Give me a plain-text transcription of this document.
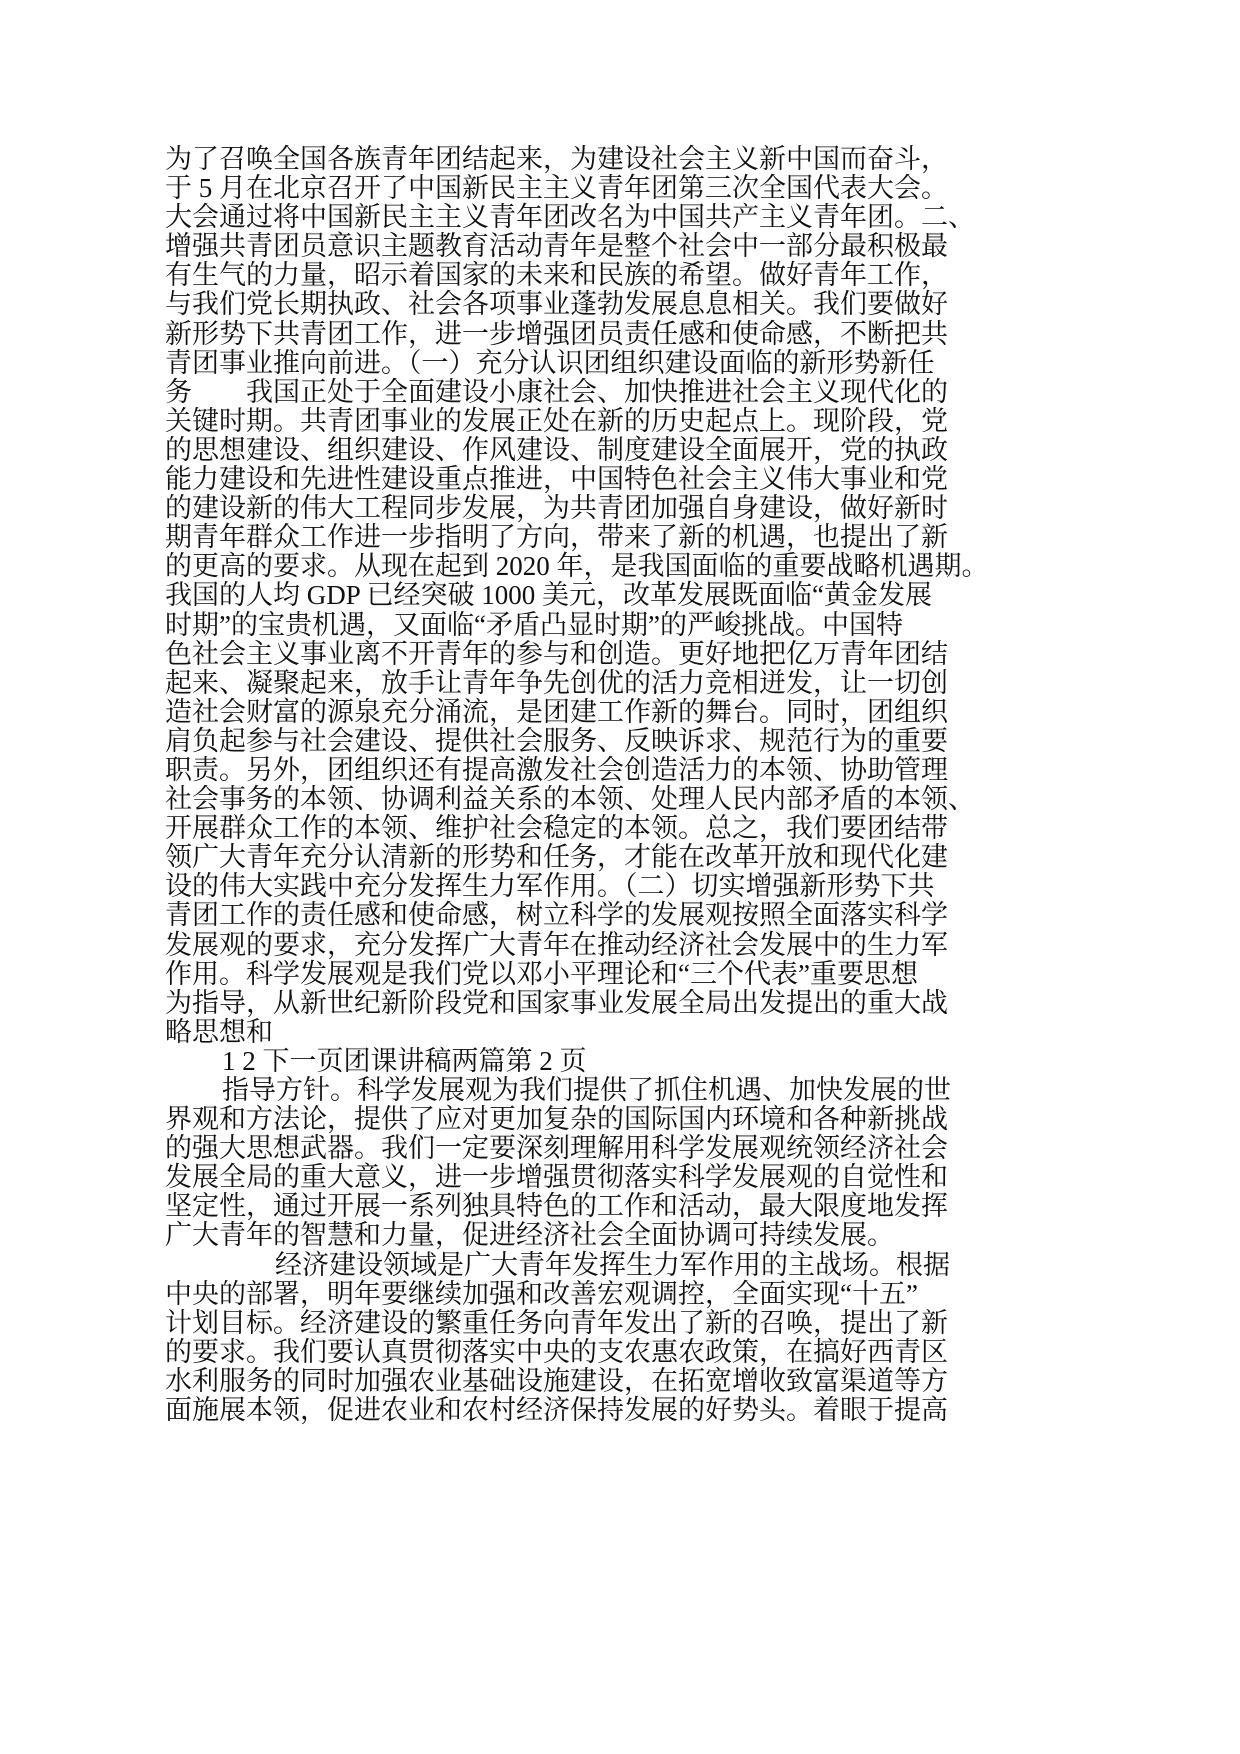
为了召唤全国各族青年团结起来，为建设社会主义新中国而奋斗，
于 5 月在北京召开了中国新民主主义青年团第三次全国代表大会。
大会通过将中国新民主主义青年团改名为中国共产主义青年团。二、
增强共青团员意识主题教育活动青年是整个社会中一部分最积极最
有生气的力量，昭示着国家的未来和民族的希望。做好青年工作，
与我们党长期执政、社会各项事业蓬勃发展息息相关。我们要做好
新形势下共青团工作，进一步增强团员责任感和使命感，不断把共
青团事业推向前进。（一）充分认识团组织建设面临的新形势新任
务　　我国正处于全面建设小康社会、加快推进社会主义现代化的
关键时期。共青团事业的发展正处在新的历史起点上。现阶段，党
的思想建设、组织建设、作风建设、制度建设全面展开，党的执政
能力建设和先进性建设重点推进，中国特色社会主义伟大事业和党
的建设新的伟大工程同步发展，为共青团加强自身建设，做好新时
期青年群众工作进一步指明了方向，带来了新的机遇，也提出了新
的更高的要求。从现在起到 2020 年，是我国面临的重要战略机遇期。
我国的人均 GDP 已经突破 1000 美元，改革发展既面临“黄金发展
时期”的宝贵机遇，又面临“矛盾凸显时期”的严峻挑战。中国特
色社会主义事业离不开青年的参与和创造。更好地把亿万青年团结
起来、凝聚起来，放手让青年争先创优的活力竞相迸发，让一切创
造社会财富的源泉充分涌流，是团建工作新的舞台。同时，团组织
肩负起参与社会建设、提供社会服务、反映诉求、规范行为的重要
职责。另外，团组织还有提高激发社会创造活力的本领、协助管理
社会事务的本领、协调利益关系的本领、处理人民内部矛盾的本领、
开展群众工作的本领、维护社会稳定的本领。总之，我们要团结带
领广大青年充分认清新的形势和任务，才能在改革开放和现代化建
设的伟大实践中充分发挥生力军作用。（二）切实增强新形势下共
青团工作的责任感和使命感，树立科学的发展观按照全面落实科学
发展观的要求，充分发挥广大青年在推动经济社会发展中的生力军
作用。科学发展观是我们党以邓小平理论和“三个代表”重要思想
为指导，从新世纪新阶段党和国家事业发展全局出发提出的重大战
略思想和
1 2 下一页团课讲稿两篇第 2 页
指导方针。科学发展观为我们提供了抓住机遇、加快发展的世
界观和方法论，提供了应对更加复杂的国际国内环境和各种新挑战
的强大思想武器。我们一定要深刻理解用科学发展观统领经济社会
发展全局的重大意义，进一步增强贯彻落实科学发展观的自觉性和
坚定性，通过开展一系列独具特色的工作和活动，最大限度地发挥
广大青年的智慧和力量，促进经济社会全面协调可持续发展。
经济建设领域是广大青年发挥生力军作用的主战场。根据
中央的部署，明年要继续加强和改善宏观调控，全面实现“十五”
计划目标。经济建设的繁重任务向青年发出了新的召唤，提出了新
的要求。我们要认真贯彻落实中央的支农惠农政策，在搞好西青区
水利服务的同时加强农业基础设施建设，在拓宽增收致富渠道等方
面施展本领，促进农业和农村经济保持发展的好势头。着眼于提高
